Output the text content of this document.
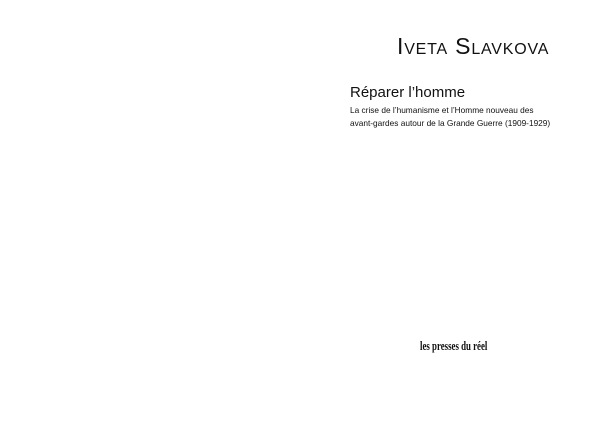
Iveta Slavkova
Réparer l’homme
La crise de l’humanisme et l’Homme nouveau des
avant-gardes autour de la Grande Guerre (1909-1929)
les presses du réel
